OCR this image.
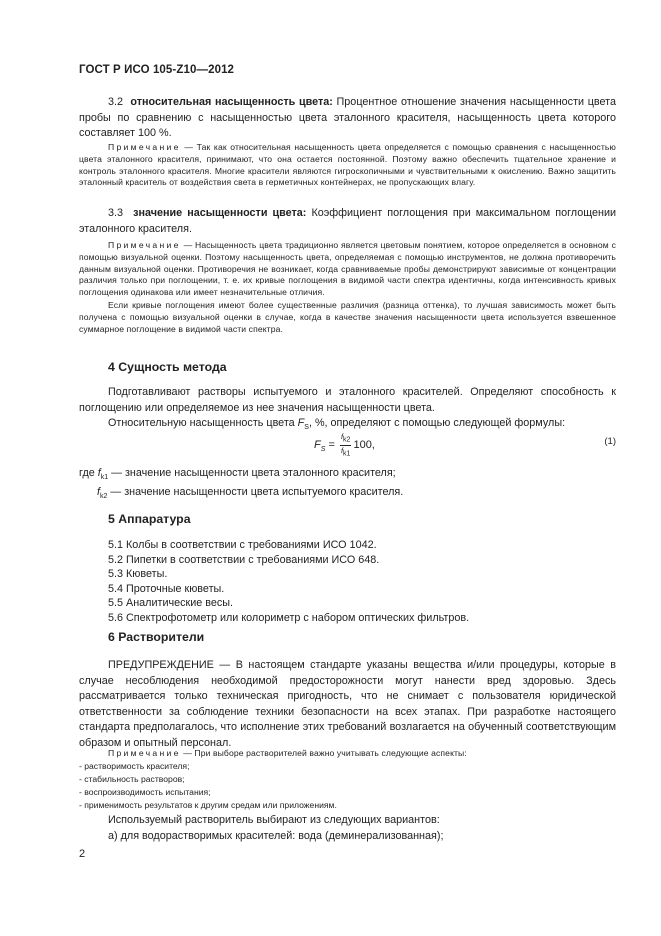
ГОСТ Р ИСО 105-Z10—2012

3.2 относительная насыщенность цвета: Процентное отношение значения насыщенности цвета пробы по сравнению с насыщенностью цвета эталонного красителя, насыщенность цвета которого составляет 100 %.

Примечание — Так как относительная насыщенность цвета определяется с помощью сравнения с насыщенностью цвета эталонного красителя, принимают, что она остается постоянной. Поэтому важно обеспечить тщательное хранение и контроль эталонного красителя. Многие красители являются гигроскопичными и чувствительными к окислению. Важно защитить эталонный краситель от воздействия света в герметичных контейнерах, не пропускающих влагу.

3.3 значение насыщенности цвета: Коэффициент поглощения при максимальном поглощении эталонного красителя.

Примечание — Насыщенность цвета традиционно является цветовым понятием, которое определяется в основном с помощью визуальной оценки. Поэтому насыщенность цвета, определяемая с помощью инструментов, не должна противоречить данным визуальной оценки. Противоречия не возникает, когда сравниваемые пробы демонстрируют зависимые от концентрации различия только при поглощении, т. е. их кривые поглощения в видимой части спектра идентичны, когда интенсивность кривых поглощения одинакова или имеет незначительные отличия.

Если кривые поглощения имеют более существенные различия (разница оттенка), то лучшая зависимость может быть получена с помощью визуальной оценки в случае, когда в качестве значения насыщенности цвета используется взвешенное суммарное поглощение в видимой части спектра.

4 Сущность метода

Подготавливают растворы испытуемого и эталонного красителей. Определяют способность к поглощению или определяемое из нее значения насыщенности цвета.

Относительную насыщенность цвета $F_S$, %, определяют с помощью следующей формулы:

$F_S = \frac{f_{k2}}{f_{k1}} 100$,	(1)

где $f_{k1}$ — значение насыщенности цвета эталонного красителя;

$f_{k2}$ — значение насыщенности цвета испытуемого красителя.

5 Аппаратура

5.1 Колбы в соответствии с требованиями ИСО 1042.

5.2 Пипетки в соответствии с требованиями ИСО 648.

5.3 Кюветы.

5.4 Проточные кюветы.

5.5 Аналитические весы.

5.6 Спектрофотометр или колориметр с набором оптических фильтров.

6 Растворители

ПРЕДУПРЕЖДЕНИЕ — В настоящем стандарте указаны вещества и/или процедуры, которые в случае несоблюдения необходимой предосторожности могут нанести вред здоровью. Здесь рассматривается только техническая пригодность, что не снимает с пользователя юридической ответственности за соблюдение техники безопасности на всех этапах. При разработке настоящего стандарта предполагалось, что исполнение этих требований возлагается на обученный соответствующим образом и опытный персонал.

Примечание — При выборе растворителей важно учитывать следующие аспекты:

- растворимость красителя;

- стабильность растворов;

- воспроизводимость испытания;

- применимость результатов к другим средам или приложениям.

Используемый растворитель выбирают из следующих вариантов:

а) для водорастворимых красителей: вода (деминерализованная);

2
